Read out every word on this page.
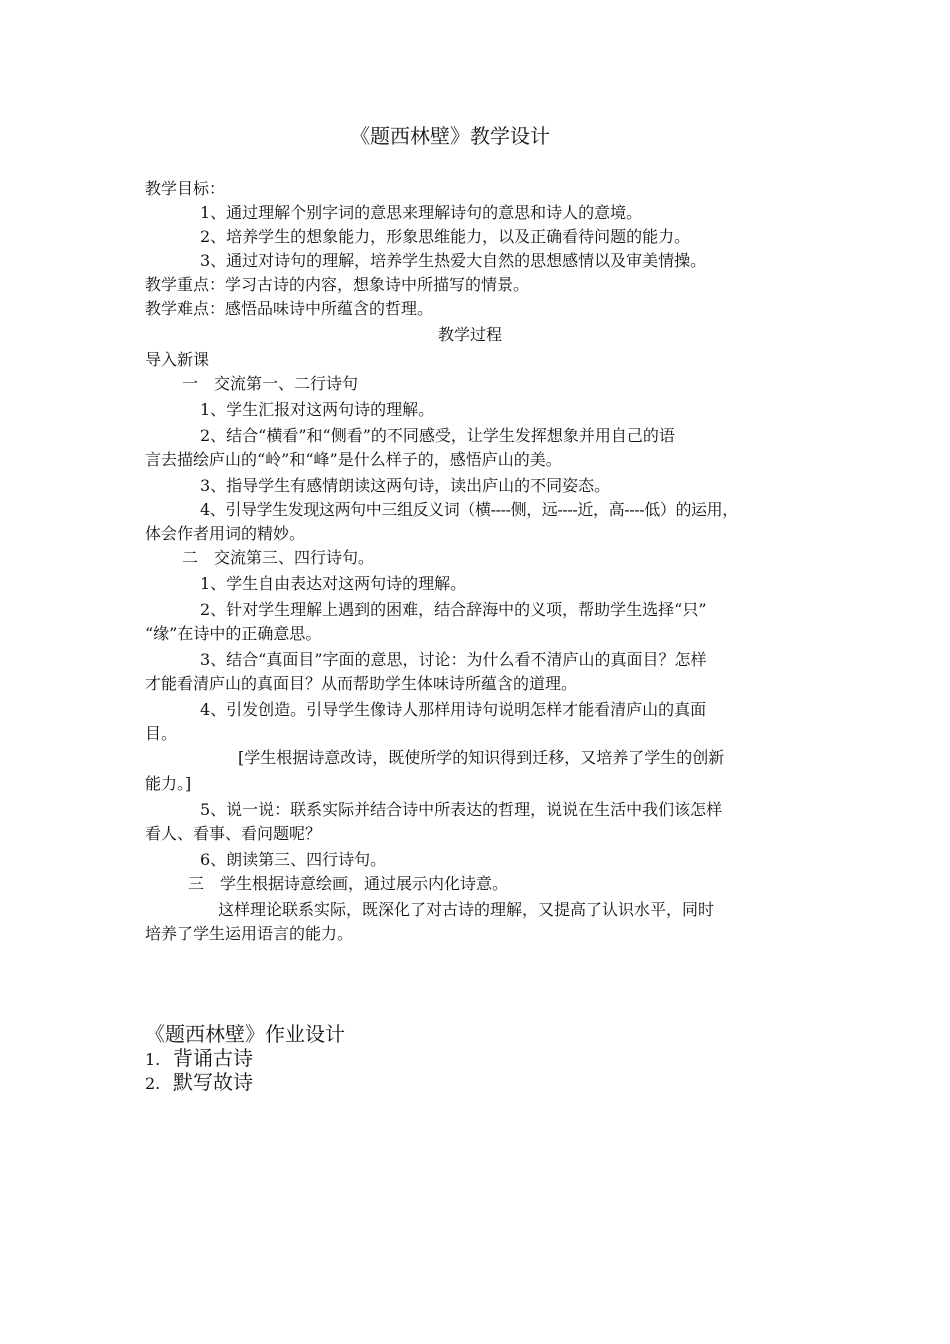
《题西林壁》教学设计
教学目标：
1、通过理解个别字词的意思来理解诗句的意思和诗人的意境。
2、培养学生的想象能力，形象思维能力，以及正确看待问题的能力。
3、通过对诗句的理解，培养学生热爱大自然的思想感情以及审美情操。
教学重点：学习古诗的内容，想象诗中所描写的情景。
教学难点：感悟品味诗中所蕴含的哲理。
教学过程
导入新课
一　交流第一、二行诗句
1、学生汇报对这两句诗的理解。
2、结合“横看”和“侧看”的不同感受，让学生发挥想象并用自己的语
言去描绘庐山的“岭”和“峰”是什么样子的，感悟庐山的美。
3、指导学生有感情朗读这两句诗，读出庐山的不同姿态。
4、引导学生发现这两句中三组反义词（横----侧，远----近，高----低）的运用，
体会作者用词的精妙。
二　交流第三、四行诗句。
1、学生自由表达对这两句诗的理解。
2、针对学生理解上遇到的困难，结合辞海中的义项，帮助学生选择“只”
“缘”在诗中的正确意思。
3、结合“真面目”字面的意思，讨论：为什么看不清庐山的真面目？怎样
才能看清庐山的真面目？从而帮助学生体味诗所蕴含的道理。
4、引发创造。引导学生像诗人那样用诗句说明怎样才能看清庐山的真面
目。
[学生根据诗意改诗，既使所学的知识得到迁移，又培养了学生的创新
能力。]
5、说一说：联系实际并结合诗中所表达的哲理，说说在生活中我们该怎样
看人、看事、看问题呢？
6、朗读第三、四行诗句。
三　学生根据诗意绘画，通过展示内化诗意。
这样理论联系实际，既深化了对古诗的理解，又提高了认识水平，同时
培养了学生运用语言的能力。
《题西林壁》作业设计
1. 背诵古诗
2. 默写故诗
